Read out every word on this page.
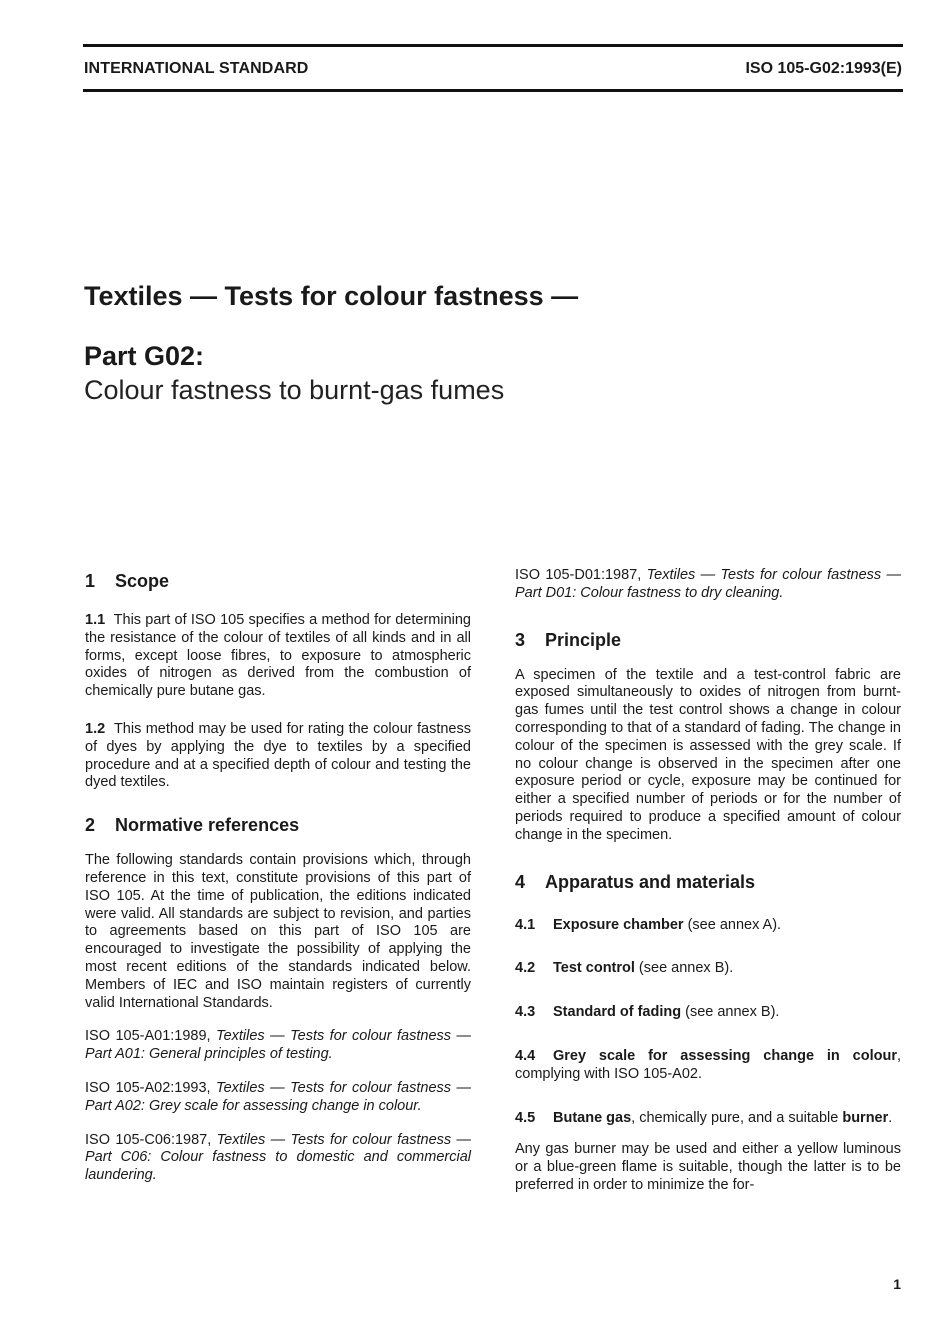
INTERNATIONAL STANDARD	ISO 105-G02:1993(E)
Textiles — Tests for colour fastness —
Part G02:
Colour fastness to burnt-gas fumes
1 Scope

1.1 This part of ISO 105 specifies a method for determining the resistance of the colour of textiles of all kinds and in all forms, except loose fibres, to exposure to atmospheric oxides of nitrogen as derived from the combustion of chemically pure butane gas.

1.2 This method may be used for rating the colour fastness of dyes by applying the dye to textiles by a specified procedure and at a specified depth of colour and testing the dyed textiles.

2 Normative references

The following standards contain provisions which, through reference in this text, constitute provisions of this part of ISO 105. At the time of publication, the editions indicated were valid. All standards are subject to revision, and parties to agreements based on this part of ISO 105 are encouraged to investigate the possibility of applying the most recent editions of the standards indicated below. Members of IEC and ISO maintain registers of currently valid International Standards.

ISO 105-A01:1989, Textiles — Tests for colour fastness — Part A01: General principles of testing.

ISO 105-A02:1993, Textiles — Tests for colour fastness — Part A02: Grey scale for assessing change in colour.

ISO 105-C06:1987, Textiles — Tests for colour fastness — Part C06: Colour fastness to domestic and commercial laundering.

ISO 105-D01:1987, Textiles — Tests for colour fastness — Part D01: Colour fastness to dry cleaning.

3 Principle

A specimen of the textile and a test-control fabric are exposed simultaneously to oxides of nitrogen from burnt-gas fumes until the test control shows a change in colour corresponding to that of a standard of fading. The change in colour of the specimen is assessed with the grey scale. If no colour change is observed in the specimen after one exposure period or cycle, exposure may be continued for either a specified number of periods or for the number of periods required to produce a specified amount of colour change in the specimen.

4 Apparatus and materials

4.1 Exposure chamber (see annex A).

4.2 Test control (see annex B).

4.3 Standard of fading (see annex B).

4.4 Grey scale for assessing change in colour, complying with ISO 105-A02.

4.5 Butane gas, chemically pure, and a suitable burner.

Any gas burner may be used and either a yellow luminous or a blue-green flame is suitable, though the latter is to be preferred in order to minimize the for-

1
